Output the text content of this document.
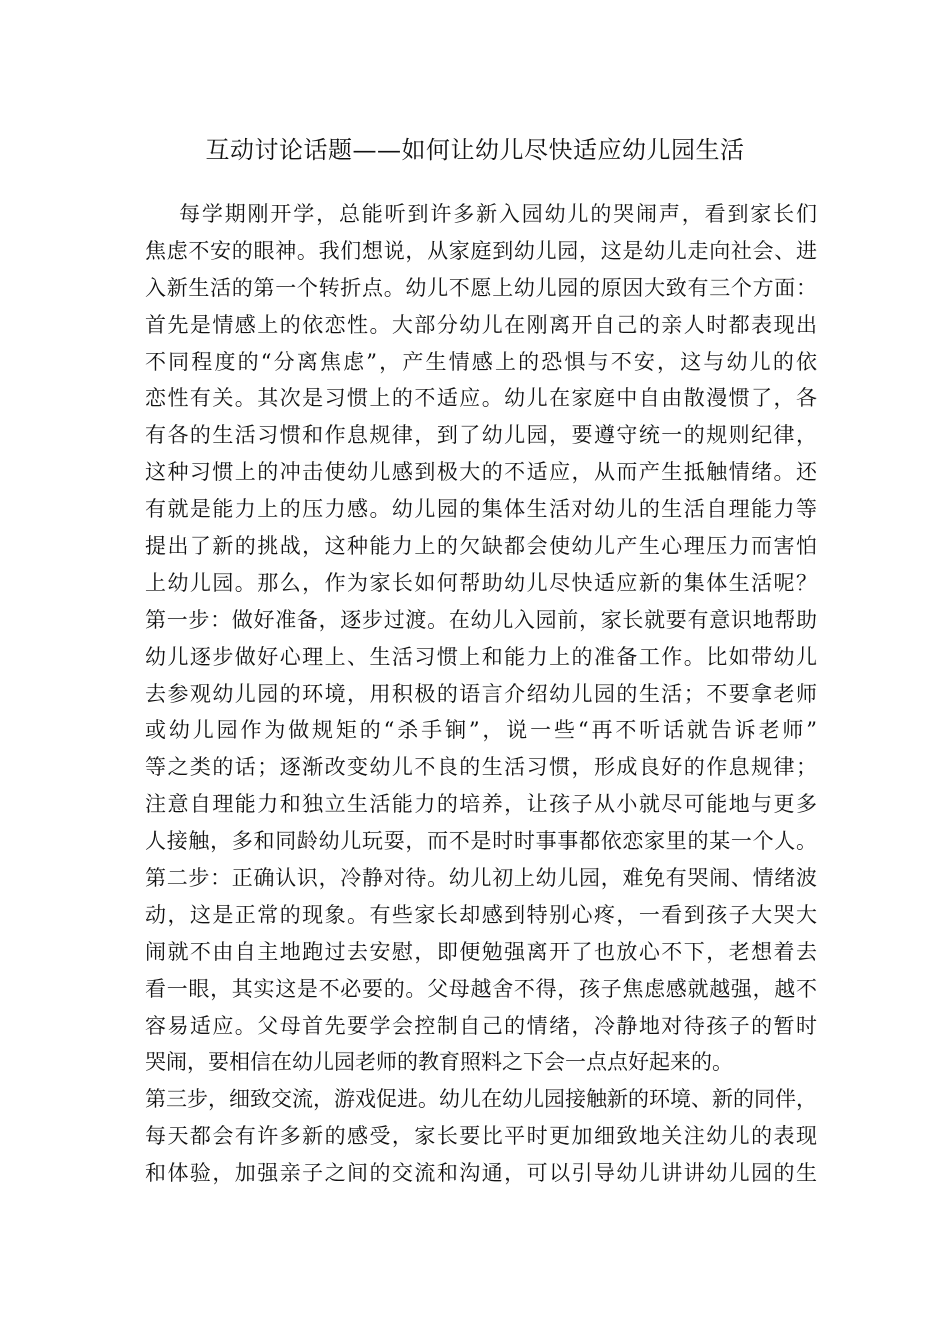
互动讨论话题——如何让幼儿尽快适应幼儿园生活
每学期刚开学，总能听到许多新入园幼儿的哭闹声，看到家长们
焦虑不安的眼神。我们想说，从家庭到幼儿园，这是幼儿走向社会、进
入新生活的第一个转折点。幼儿不愿上幼儿园的原因大致有三个方面：
首先是情感上的依恋性。大部分幼儿在刚离开自己的亲人时都表现出
不同程度的“分离焦虑”，产生情感上的恐惧与不安，这与幼儿的依
恋性有关。其次是习惯上的不适应。幼儿在家庭中自由散漫惯了，各
有各的生活习惯和作息规律，到了幼儿园，要遵守统一的规则纪律，
这种习惯上的冲击使幼儿感到极大的不适应，从而产生抵触情绪。还
有就是能力上的压力感。幼儿园的集体生活对幼儿的生活自理能力等
提出了新的挑战，这种能力上的欠缺都会使幼儿产生心理压力而害怕
上幼儿园。那么，作为家长如何帮助幼儿尽快适应新的集体生活呢？
第一步：做好准备，逐步过渡。在幼儿入园前，家长就要有意识地帮助
幼儿逐步做好心理上、生活习惯上和能力上的准备工作。比如带幼儿
去参观幼儿园的环境，用积极的语言介绍幼儿园的生活；不要拿老师
或幼儿园作为做规矩的“杀手锏”，说一些“再不听话就告诉老师”
等之类的话；逐渐改变幼儿不良的生活习惯，形成良好的作息规律；
注意自理能力和独立生活能力的培养，让孩子从小就尽可能地与更多
人接触，多和同龄幼儿玩耍，而不是时时事事都依恋家里的某一个人。
第二步：正确认识，冷静对待。幼儿初上幼儿园，难免有哭闹、情绪波
动，这是正常的现象。有些家长却感到特别心疼，一看到孩子大哭大
闹就不由自主地跑过去安慰，即便勉强离开了也放心不下，老想着去
看一眼，其实这是不必要的。父母越舍不得，孩子焦虑感就越强，越不
容易适应。父母首先要学会控制自己的情绪，冷静地对待孩子的暂时
哭闹，要相信在幼儿园老师的教育照料之下会一点点好起来的。
第三步，细致交流，游戏促进。幼儿在幼儿园接触新的环境、新的同伴，
每天都会有许多新的感受，家长要比平时更加细致地关注幼儿的表现
和体验，加强亲子之间的交流和沟通，可以引导幼儿讲讲幼儿园的生
